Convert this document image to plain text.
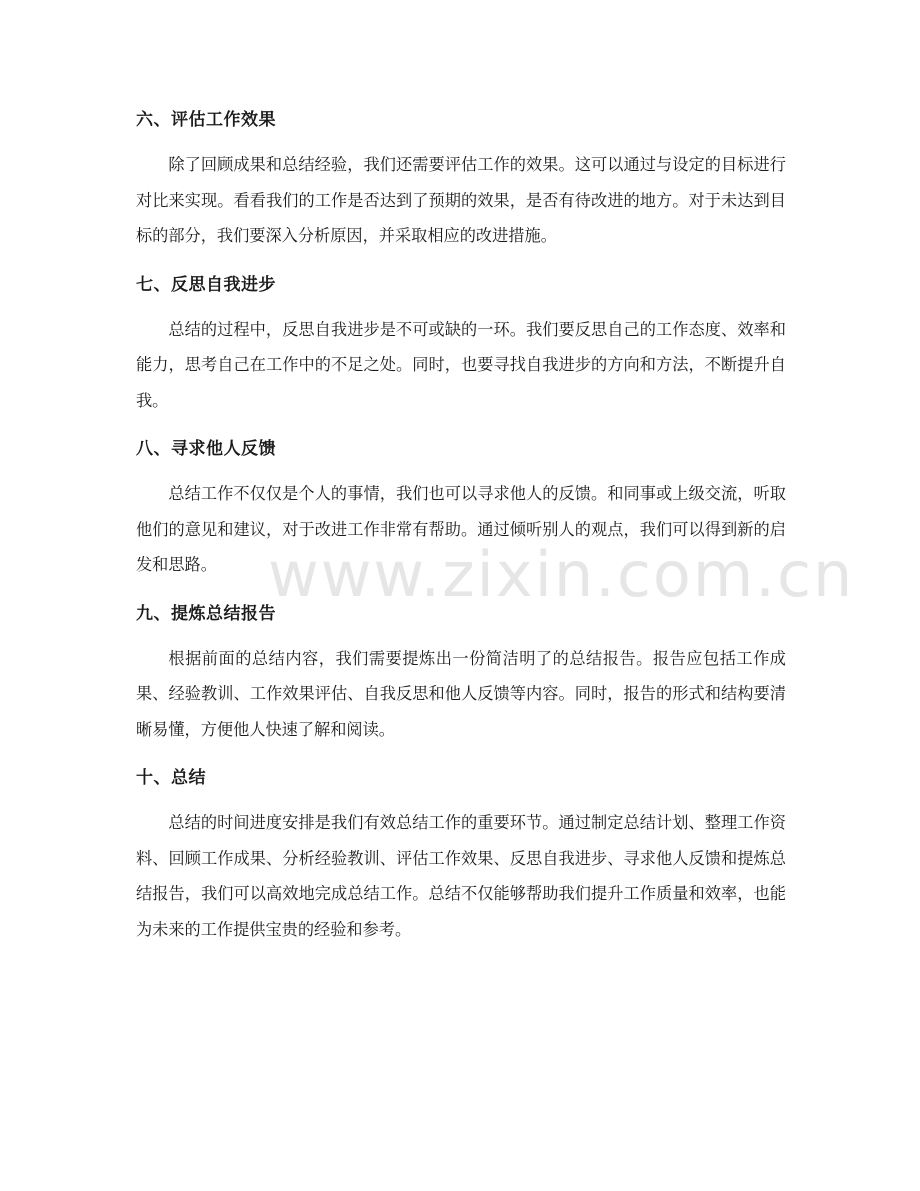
www.zixin.com.cn
六、评估工作效果

除了回顾成果和总结经验，我们还需要评估工作的效果。这可以通过与设定的目标进行对比来实现。看看我们的工作是否达到了预期的效果，是否有待改进的地方。对于未达到目标的部分，我们要深入分析原因，并采取相应的改进措施。

七、反思自我进步

总结的过程中，反思自我进步是不可或缺的一环。我们要反思自己的工作态度、效率和能力，思考自己在工作中的不足之处。同时，也要寻找自我进步的方向和方法，不断提升自我。

八、寻求他人反馈

总结工作不仅仅是个人的事情，我们也可以寻求他人的反馈。和同事或上级交流，听取他们的意见和建议，对于改进工作非常有帮助。通过倾听别人的观点，我们可以得到新的启发和思路。

九、提炼总结报告

根据前面的总结内容，我们需要提炼出一份简洁明了的总结报告。报告应包括工作成果、经验教训、工作效果评估、自我反思和他人反馈等内容。同时，报告的形式和结构要清晰易懂，方便他人快速了解和阅读。

十、总结

总结的时间进度安排是我们有效总结工作的重要环节。通过制定总结计划、整理工作资料、回顾工作成果、分析经验教训、评估工作效果、反思自我进步、寻求他人反馈和提炼总结报告，我们可以高效地完成总结工作。总结不仅能够帮助我们提升工作质量和效率，也能为未来的工作提供宝贵的经验和参考。
